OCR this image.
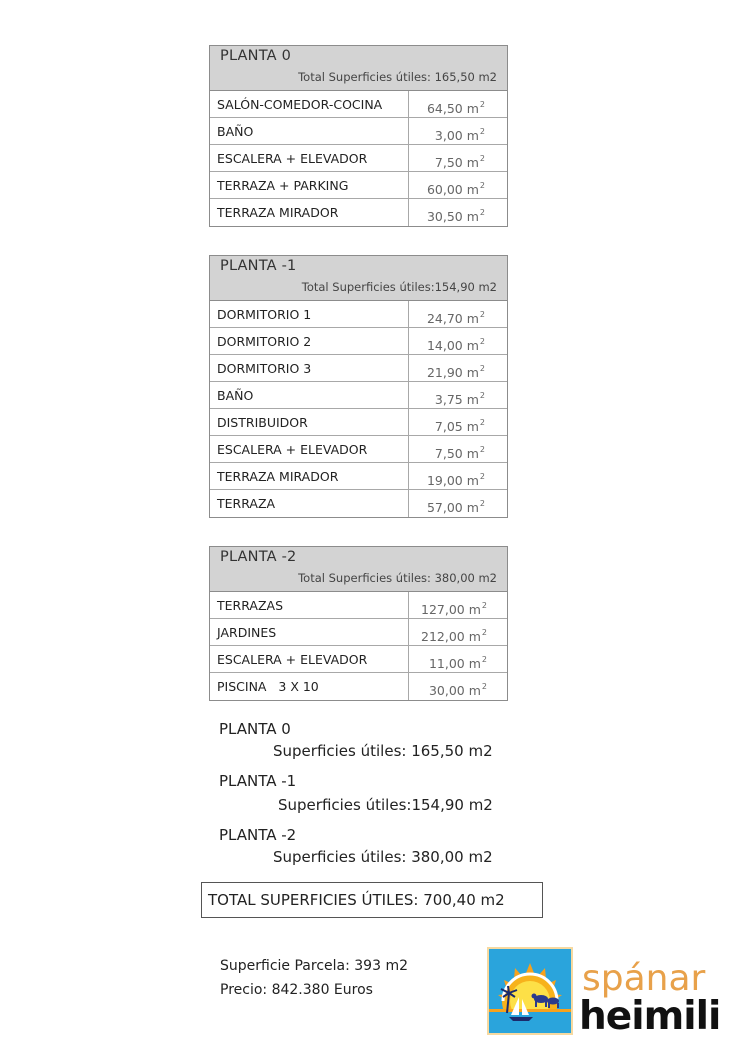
PLANTA 0
Total Superficies útiles: 165,50 m2
SALÓN-COMEDOR-COCINA	64,50 $m^2$
BAÑO	3,00 $m^2$
ESCALERA + ELEVADOR	7,50 $m^2$
TERRAZA + PARKING	60,00 $m^2$
TERRAZA MIRADOR	30,50 $m^2$
PLANTA -1
Total Superficies útiles:154,90 m2
DORMITORIO 1	24,70 $m^2$
DORMITORIO 2	14,00 $m^2$
DORMITORIO 3	21,90 $m^2$
BAÑO	3,75 $m^2$
DISTRIBUIDOR	7,05 $m^2$
ESCALERA + ELEVADOR	7,50 $m^2$
TERRAZA MIRADOR	19,00 $m^2$
TERRAZA	57,00 $m^2$
PLANTA -2
Total Superficies útiles: 380,00 m2
TERRAZAS	127,00 $m^2$
JARDINES	212,00 $m^2$
ESCALERA + ELEVADOR	11,00 $m^2$
PISCINA   3 X 10	30,00 $m^2$
PLANTA 0
Superficies útiles: 165,50 m2
PLANTA -1
Superficies útiles:154,90 m2
PLANTA -2
Superficies útiles: 380,00 m2
TOTAL SUPERFICIES ÚTILES: 700,40 m2
Superficie Parcela: 393 m2
Precio: 842.380 Euros	spánar
heimili
